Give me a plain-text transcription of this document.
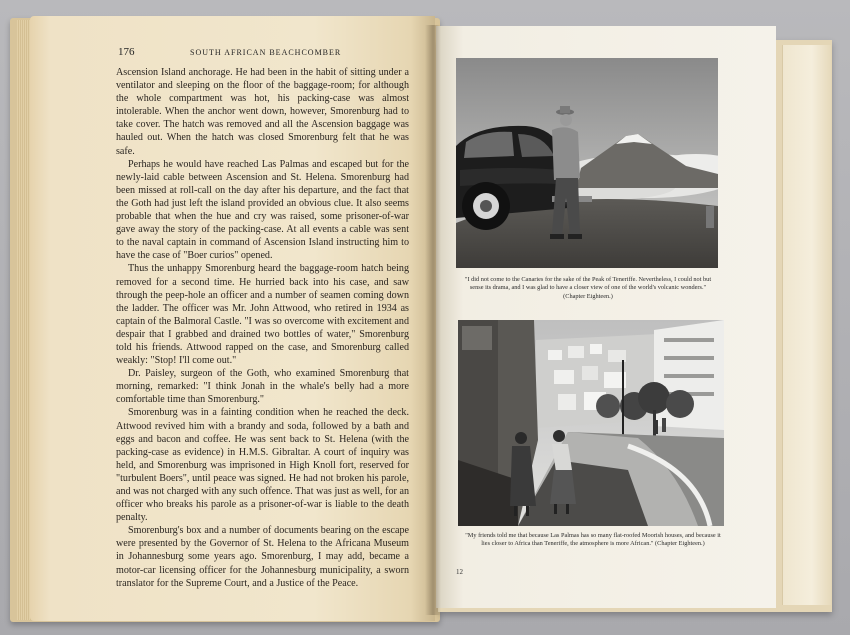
176	SOUTH AFRICAN BEACHCOMBER

Ascension Island anchorage. He had been in the habit of sitting under a ventilator and sleeping on the floor of the baggage-room; for although the whole compartment was hot, his packing-case was almost intolerable. When the anchor went down, however, Smorenburg had to take cover. The hatch was removed and all the Ascension baggage was hauled out. When the hatch was closed Smorenburg felt that he was safe.

Perhaps he would have reached Las Palmas and escaped but for the newly-laid cable between Ascension and St. Helena. Smorenburg had been missed at roll-call on the day after his departure, and the fact that the Goth had just left the island provided an obvious clue. It also seems probable that when the hue and cry was raised, some prisoner-of-war gave away the story of the packing-case. At all events a cable was sent to the naval captain in command of Ascension Island instructing him to have the case of "Boer curios" opened.

Thus the unhappy Smorenburg heard the baggage-room hatch being removed for a second time. He hurried back into his case, and saw through the peep-hole an officer and a number of seamen coming down the ladder. The officer was Mr. John Attwood, who retired in 1934 as captain of the Balmoral Castle. "I was so overcome with excitement and despair that I grabbed and drained two bottles of water," Smorenburg told his friends. Attwood rapped on the case, and Smorenburg called weakly: "Stop! I'll come out."

Dr. Paisley, surgeon of the Goth, who examined Smorenburg that morning, remarked: "I think Jonah in the whale's belly had a more comfortable time than Smorenburg."

Smorenburg was in a fainting condition when he reached the deck. Attwood revived him with a brandy and soda, followed by a bath and eggs and bacon and coffee. He was sent back to St. Helena (with the packing-case as evidence) in H.M.S. Gibraltar. A court of inquiry was held, and Smorenburg was imprisoned in High Knoll fort, reserved for "turbulent Boers", until peace was signed. He had not broken his parole, and was not charged with any such offence. That was just as well, for an officer who breaks his parole as a prisoner-of-war is liable to the death penalty.

Smorenburg's box and a number of documents bearing on the escape were presented by the Governor of St. Helena to the Africana Museum in Johannesburg some years ago. Smorenburg, I may add, became a motor-car licensing officer for the Johannesburg municipality, a sworn translator for the Supreme Court, and a Justice of the Peace.

"I did not come to the Canaries for the sake of the Peak of Teneriffe. Nevertheless, I could not but sense its drama, and I was glad to have a closer view of one of the world's volcanic wonders." (Chapter Eighteen.)
"My friends told me that because Las Palmas has so many flat-roofed Moorish houses, and because it lies closer to Africa than Teneriffe, the atmosphere is more African." (Chapter Eighteen.)
12
